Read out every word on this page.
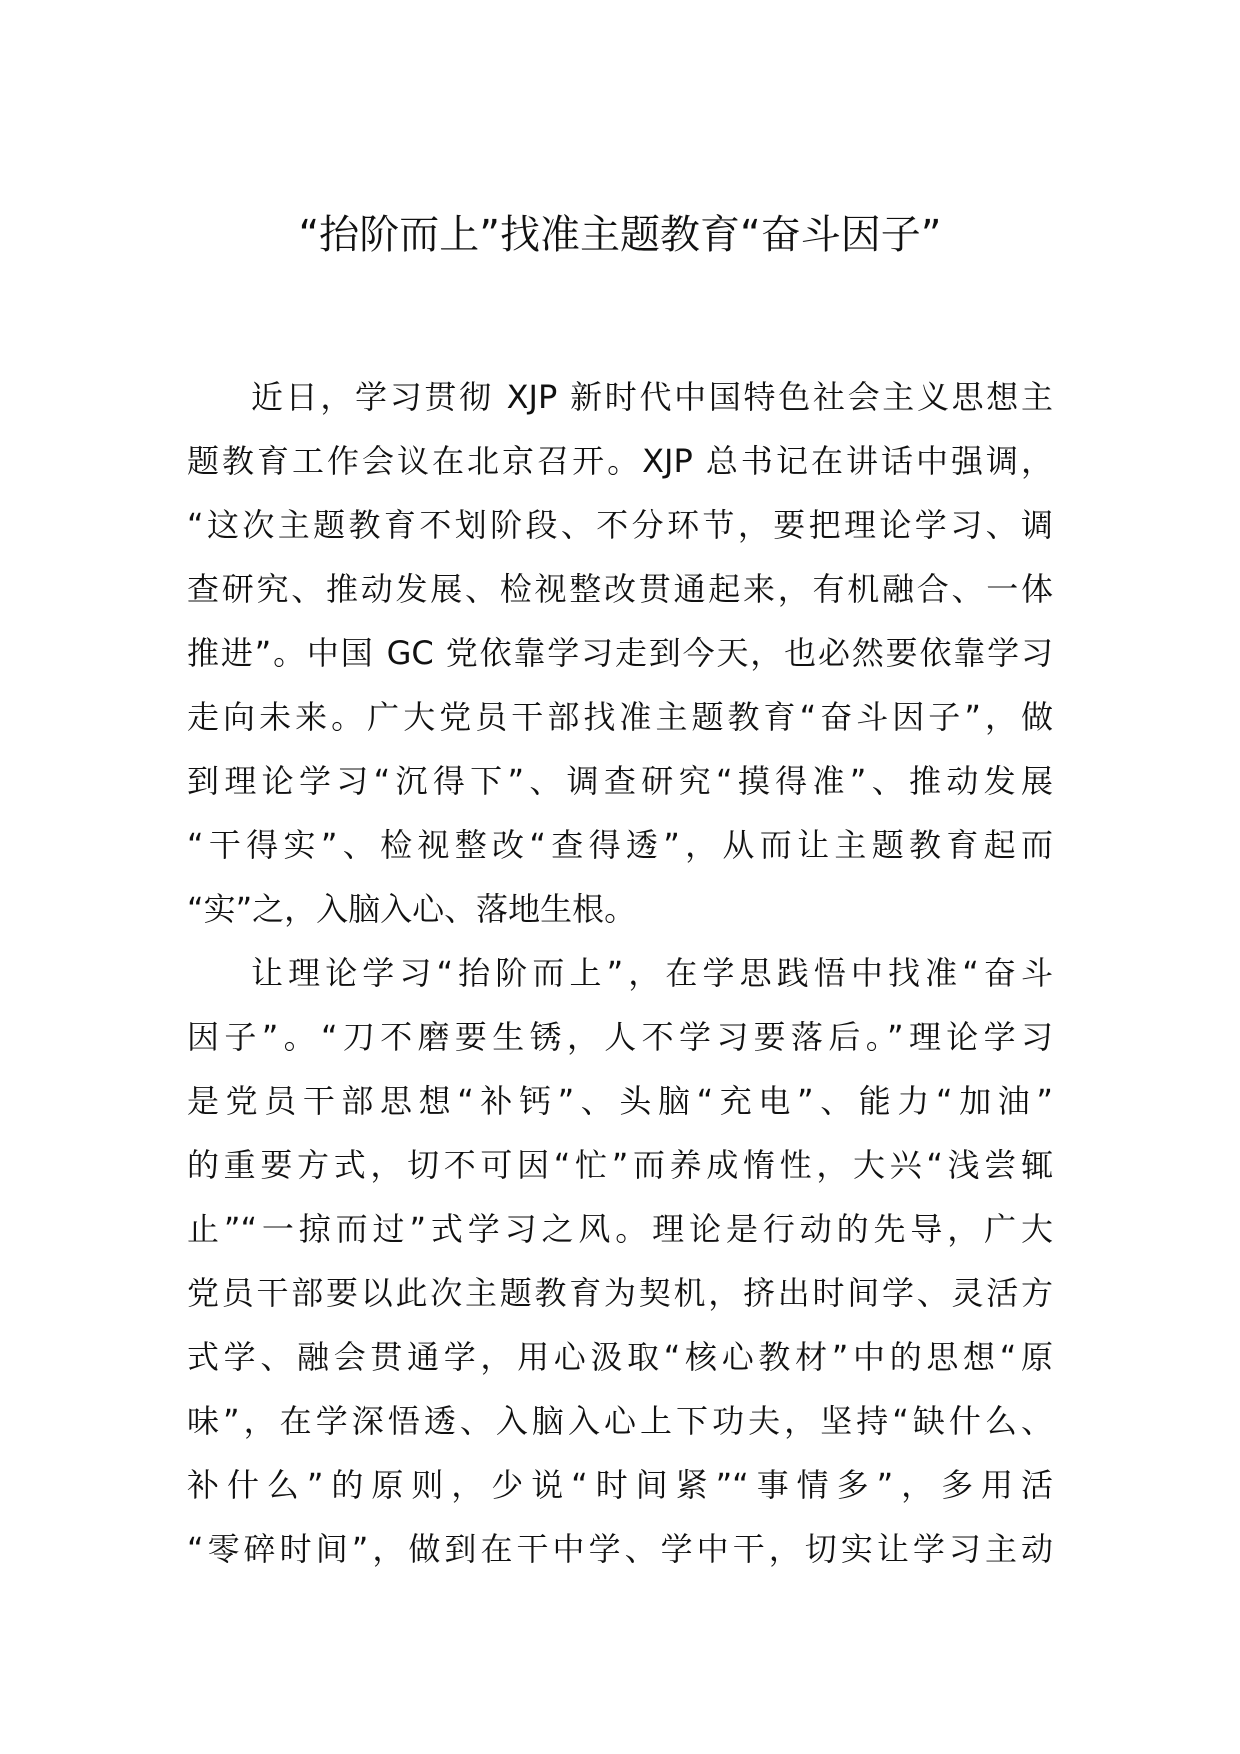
“抬阶而上”找准主题教育“奋斗因子”
近日，学习贯彻 XJP 新时代中国特色社会主义思想主
题教育工作会议在北京召开。XJP 总书记在讲话中强调，
“这次主题教育不划阶段、不分环节，要把理论学习、调
查研究、推动发展、检视整改贯通起来，有机融合、一体
推进”。中国 GC 党依靠学习走到今天，也必然要依靠学习
走向未来。广大党员干部找准主题教育“奋斗因子”，做
到理论学习“沉得下”、调查研究“摸得准”、推动发展
“干得实”、检视整改“查得透”，从而让主题教育起而
“实”之，入脑入心、落地生根。
让理论学习“抬阶而上”，在学思践悟中找准“奋斗
因子”。“刀不磨要生锈，人不学习要落后。”理论学习
是党员干部思想“补钙”、头脑“充电”、能力“加油”
的重要方式，切不可因“忙”而养成惰性，大兴“浅尝辄
止”“一掠而过”式学习之风。理论是行动的先导，广大
党员干部要以此次主题教育为契机，挤出时间学、灵活方
式学、融会贯通学，用心汲取“核心教材”中的思想“原
味”，在学深悟透、入脑入心上下功夫，坚持“缺什么、
补什么”的原则，少说“时间紧”“事情多”，多用活
“零碎时间”，做到在干中学、学中干，切实让学习主动
